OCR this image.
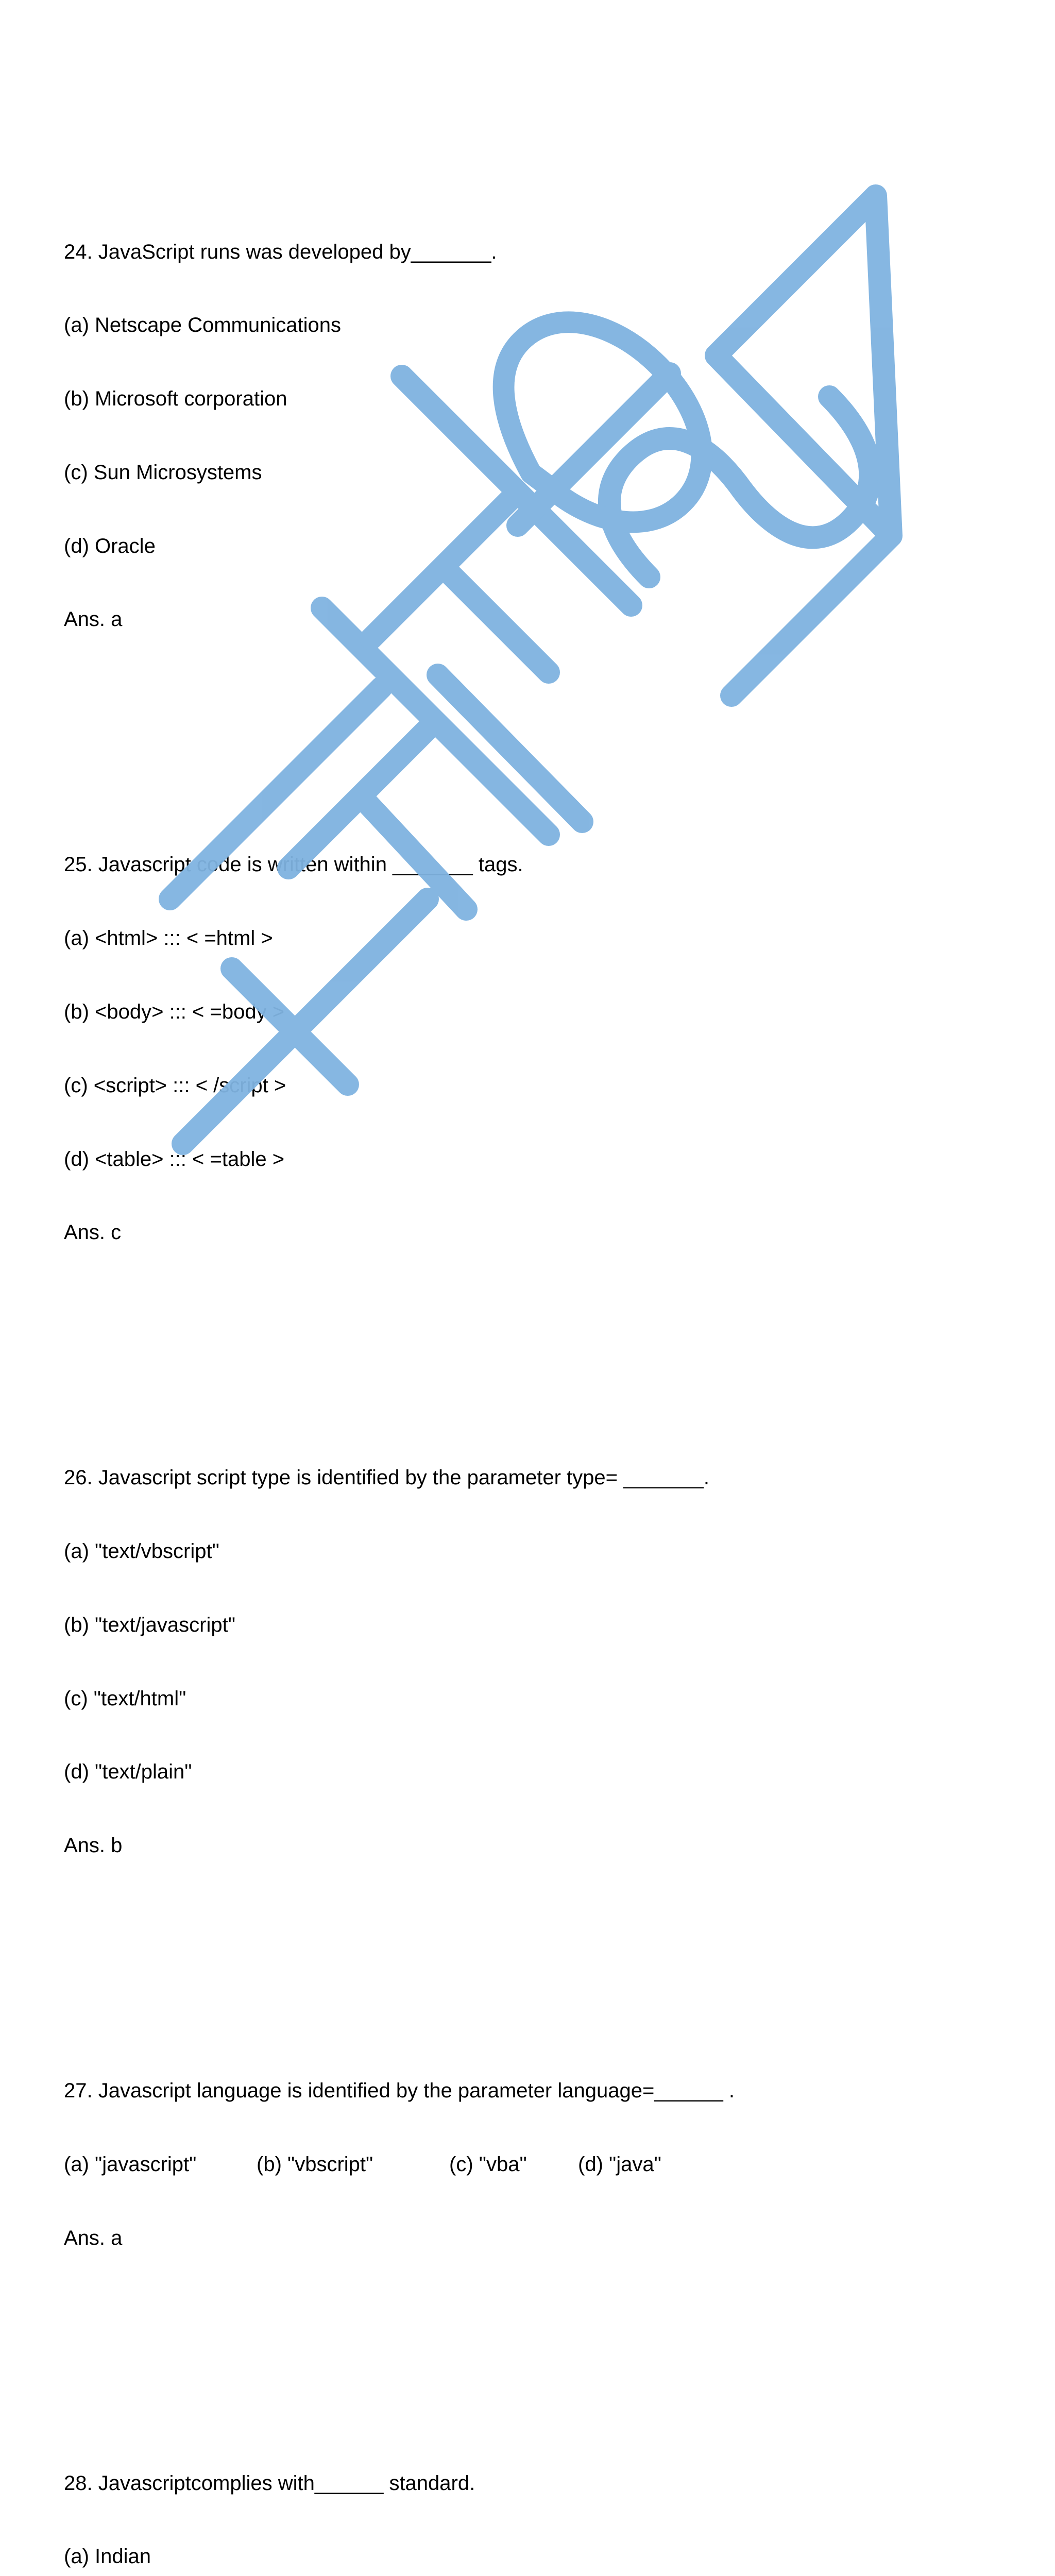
24. JavaScript runs was developed by_______.

(a) Netscape Communications

(b) Microsoft corporation

(c) Sun Microsystems

(d) Oracle

Ans. a

25. Javascript code is written within _______ tags.

(a) <html> ::: < =html >

(b) <body> ::: < =body >

(c) <script> ::: < /script >

(d) <table> ::: < =table >

Ans. c

26. Javascript script type is identified by the parameter type= _______.

(a) "text/vbscript"

(b) "text/javascript"

(c) "text/html"

(d) "text/plain"

Ans. b

27. Javascript language is identified by the parameter language=______ .

(a) "javascript"

	(b) "vbscript"

	(c) "vba"

(d) "java"

Ans. a

28. Javascriptcomplies with______ standard.

(a) Indian
